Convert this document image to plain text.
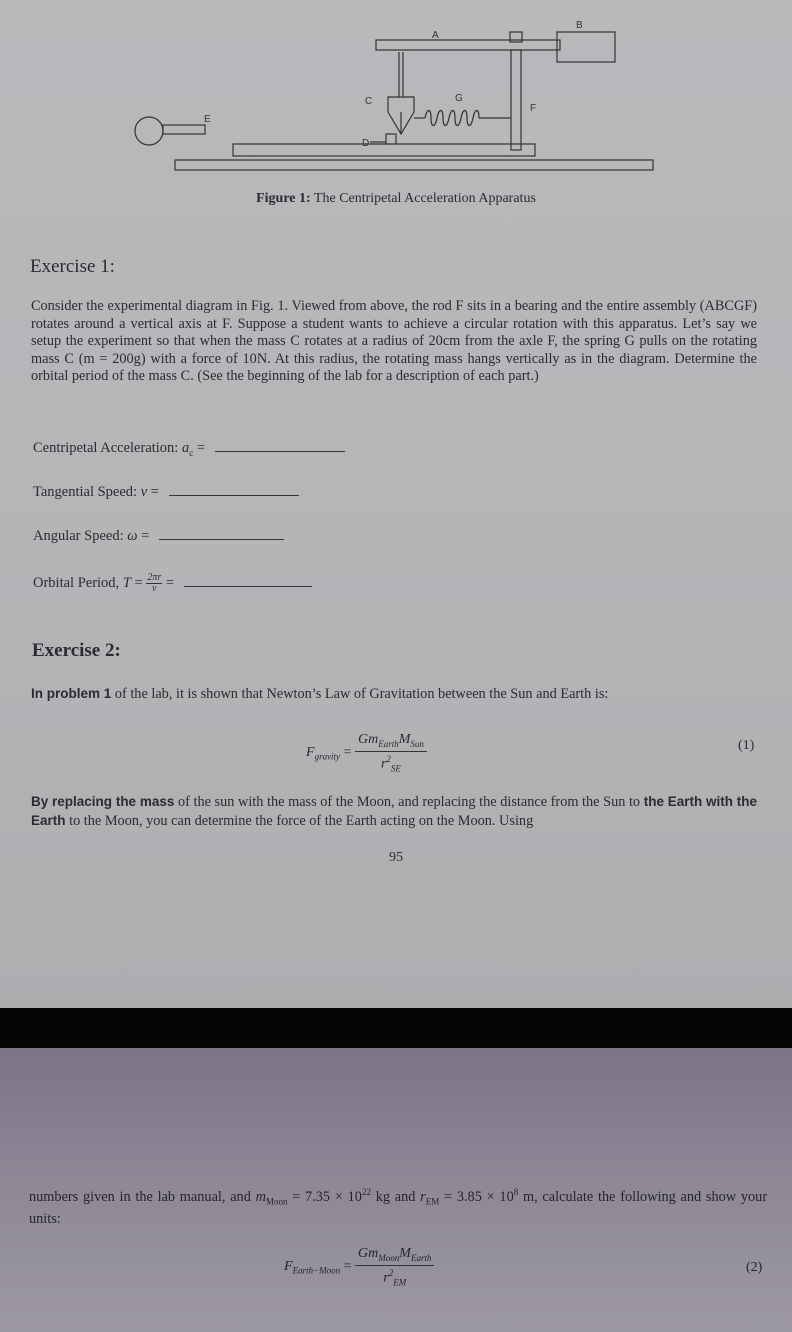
A
B
C
D
E
F
G
Figure 1: The Centripetal Acceleration Apparatus
Exercise 1:

Consider the experimental diagram in Fig. 1. Viewed from above, the rod F sits in a bearing and the entire assembly (ABCGF) rotates around a vertical axis at F. Suppose a student wants to achieve a circular rotation with this apparatus. Let’s say we setup the experiment so that when the mass C rotates at a radius of 20cm from the axle F, the spring G pulls on the rotating mass C (m = 200g) with a force of 10N. At this radius, the rotating mass hangs vertically as in the diagram. Determine the orbital period of the mass C. (See the beginning of the lab for a description of each part.)

Centripetal Acceleration: $a_c$ =
Tangential Speed: v =
Angular Speed: ω =
Orbital Period, $T = \frac{2\pi r}{v}$ =
Exercise 2:

In problem 1 of the lab, it is shown that Newton’s Law of Gravitation between the Sun and Earth is:

$F_{gravity} = \frac{Gm_{Earth}M_{Sun}}{r^2_{SE}}$	(1)

By replacing the mass of the sun with the mass of the Moon, and replacing the distance from the Sun to the Earth with the Earth to the Moon, you can determine the force of the Earth acting on the Moon. Using

95

numbers given in the lab manual, and $m_{Moon} = 7.35 \times 10^{22}$ kg and $r_{EM} = 3.85 \times 10^8$ m, calculate the following and show your units:

$F_{Earth-Moon} = \frac{Gm_{Moon}M_{Earth}}{r^2_{EM}}$	(2)
